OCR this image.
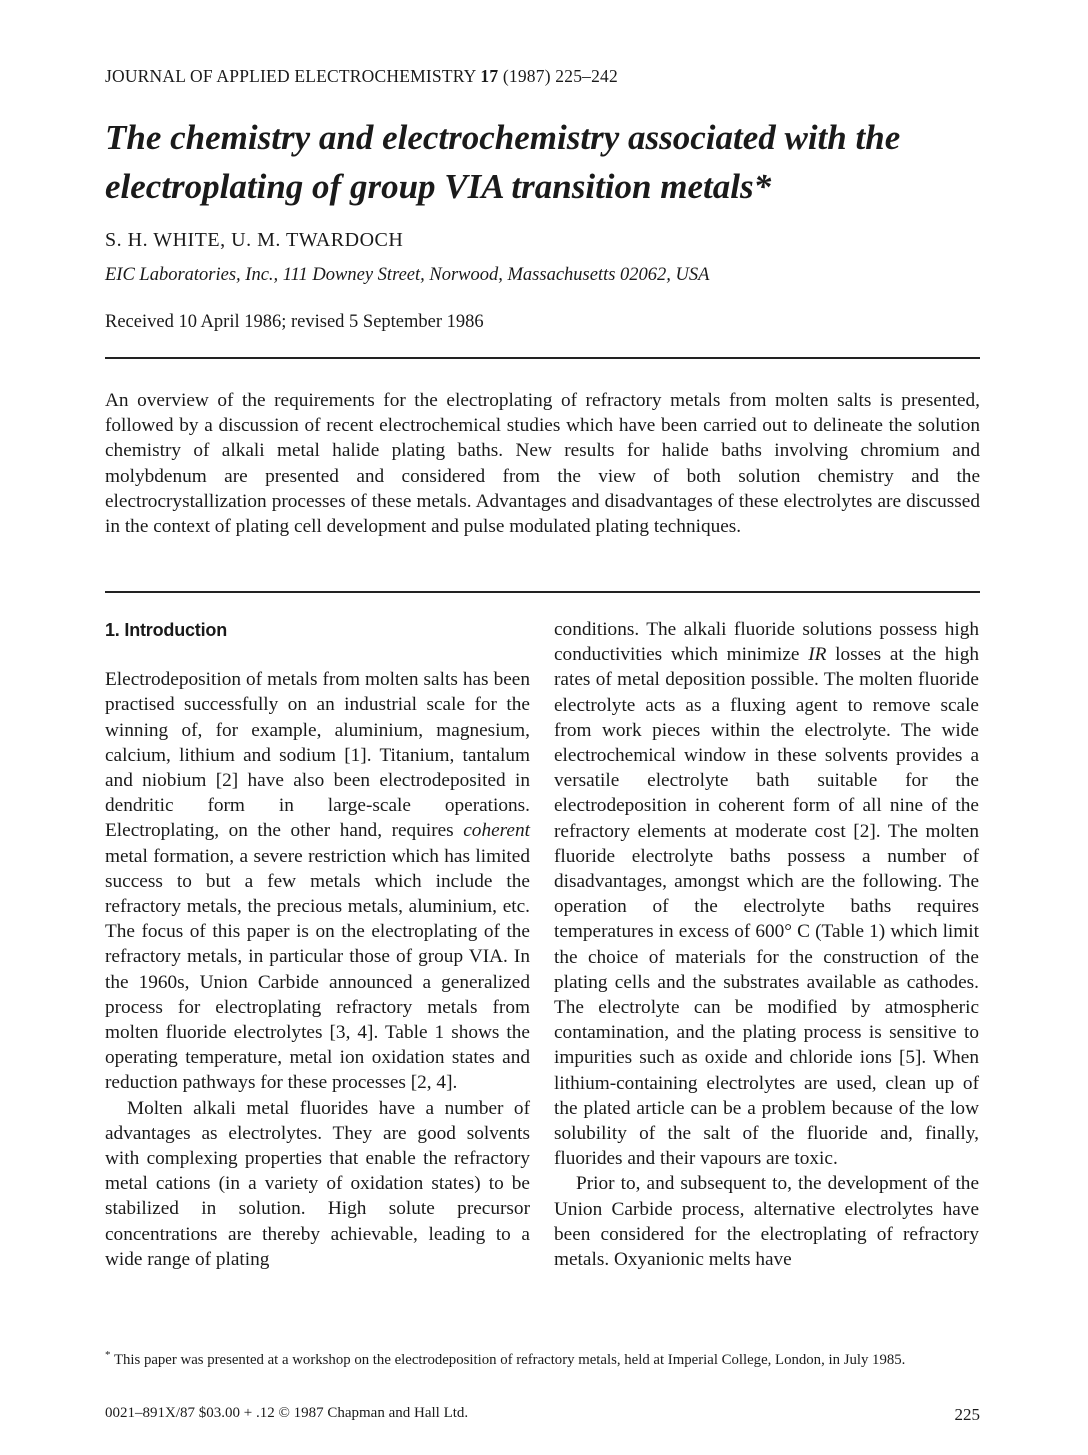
JOURNAL OF APPLIED ELECTROCHEMISTRY 17 (1987) 225–242
The chemistry and electrochemistry associated with the
electroplating of group VIA transition metals*
S. H. WHITE, U. M. TWARDOCH
EIC Laboratories, Inc., 111 Downey Street, Norwood, Massachusetts 02062, USA
Received 10 April 1986; revised 5 September 1986

An overview of the requirements for the electroplating of refractory metals from molten salts is presented, followed by a discussion of recent electrochemical studies which have been carried out to delineate the solution chemistry of alkali metal halide plating baths. New results for halide baths involving chromium and molybdenum are presented and considered from the view of both solution chemistry and the electrocrystallization processes of these metals. Advantages and disadvantages of these electrolytes are discussed in the context of plating cell development and pulse modulated plating techniques.

1. Introduction

Electrodeposition of metals from molten salts has been practised successfully on an industrial scale for the winning of, for example, aluminium, magnesium, calcium, lithium and sodium [1]. Titanium, tantalum and niobium [2] have also been electrodeposited in dendritic form in large-scale operations. Electroplating, on the other hand, requires coherent metal formation, a severe restriction which has limited success to but a few metals which include the refractory metals, the precious metals, aluminium, etc. The focus of this paper is on the electroplating of the refractory metals, in particular those of group VIA. In the 1960s, Union Carbide announced a generalized process for electroplating refractory metals from molten fluoride electrolytes [3, 4]. Table 1 shows the operating temperature, metal ion oxidation states and reduction pathways for these processes [2, 4].

Molten alkali metal fluorides have a number of advantages as electrolytes. They are good solvents with complexing properties that enable the refractory metal cations (in a variety of oxidation states) to be stabilized in solution. High solute precursor concentrations are thereby achievable, leading to a wide range of plating

conditions. The alkali fluoride solutions possess high conductivities which minimize IR losses at the high rates of metal deposition possible. The molten fluoride electrolyte acts as a fluxing agent to remove scale from work pieces within the electrolyte. The wide electrochemical window in these solvents provides a versatile electrolyte bath suitable for the electrodeposition in coherent form of all nine of the refractory elements at moderate cost [2]. The molten fluoride electrolyte baths possess a number of disadvantages, amongst which are the following. The operation of the electrolyte baths requires temperatures in excess of 600° C (Table 1) which limit the choice of materials for the construction of the plating cells and the substrates available as cathodes. The electrolyte can be modified by atmospheric contamination, and the plating process is sensitive to impurities such as oxide and chloride ions [5]. When lithium-containing electrolytes are used, clean up of the plated article can be a problem because of the low solubility of the salt of the fluoride and, finally, fluorides and their vapours are toxic.

Prior to, and subsequent to, the development of the Union Carbide process, alternative electrolytes have been considered for the electroplating of refractory metals. Oxyanionic melts have

* This paper was presented at a workshop on the electrodeposition of refractory metals, held at Imperial College, London, in July 1985.

0021–891X/87 $03.00 + .12 © 1987 Chapman and Hall Ltd.	225
